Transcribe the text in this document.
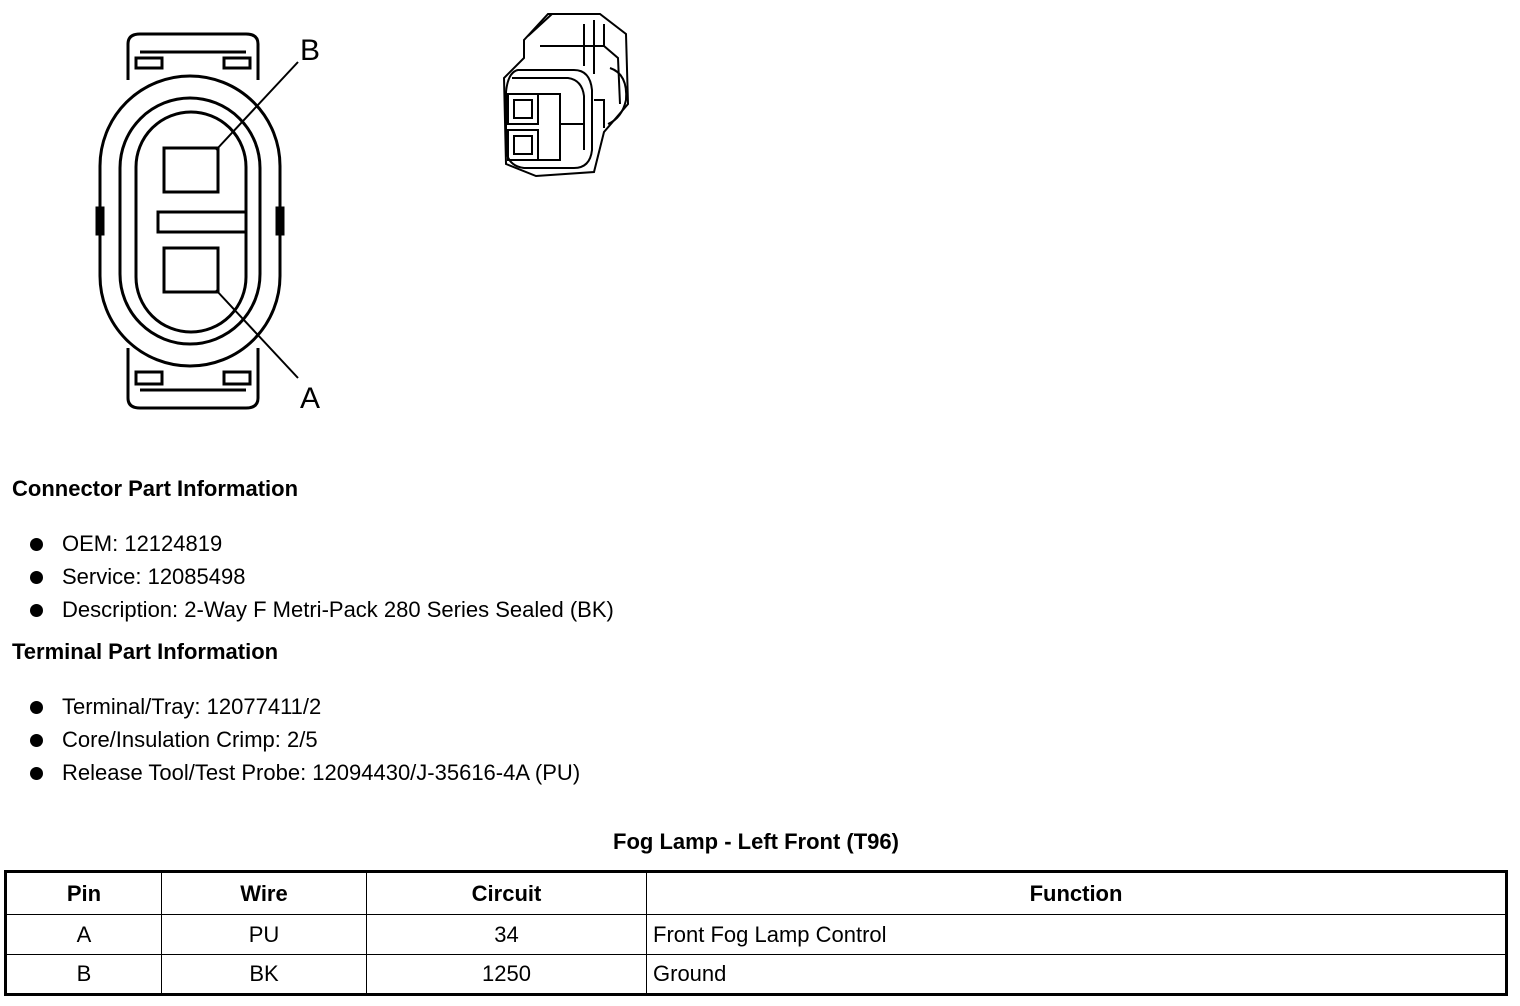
B
A
Connector Part Information
OEM: 12124819
Service: 12085498
Description: 2-Way F Metri-Pack 280 Series Sealed (BK)
Terminal Part Information
Terminal/Tray: 12077411/2
Core/Insulation Crimp: 2/5
Release Tool/Test Probe: 12094430/J-35616-4A (PU)
Fog Lamp - Left Front (T96)
Pin	Wire	Circuit	Function
A	PU	34	Front Fog Lamp Control
B	BK	1250	Ground
